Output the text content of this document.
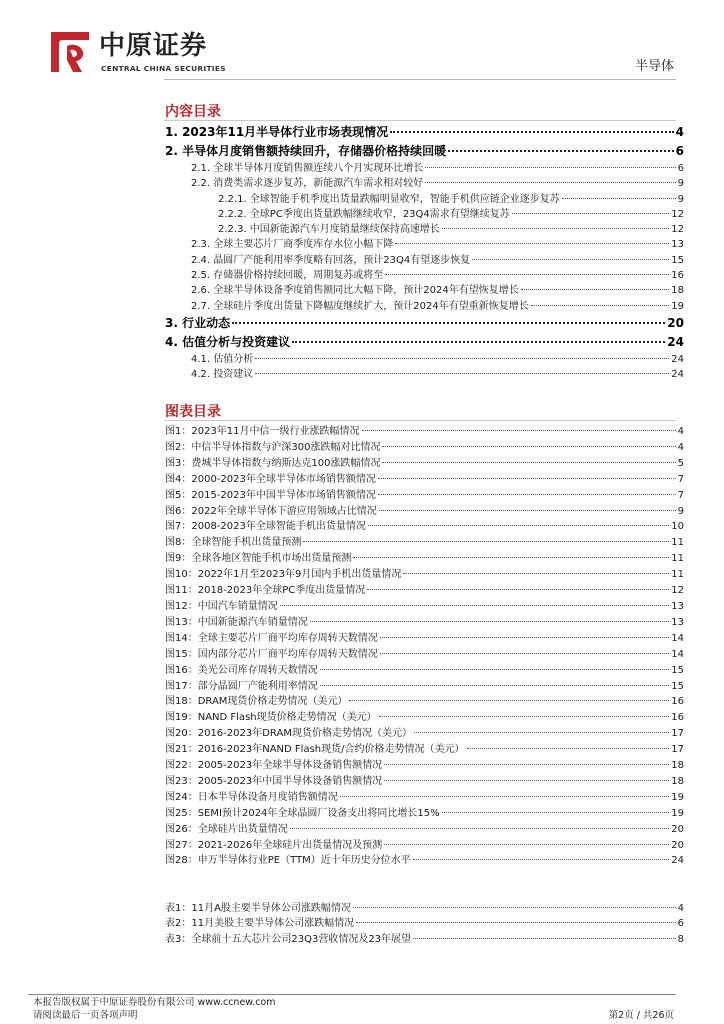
中原证券
CENTRAL CHINA SECURITIES	半导体
内容目录
1. 2023年11月半导体行业市场表现情况	4
2. 半导体月度销售额持续回升，存储器价格持续回暖	6
2.1. 全球半导体月度销售额连续八个月实现环比增长	6
2.2. 消费类需求逐步复苏，新能源汽车需求相对较好	9
2.2.1. 全球智能手机季度出货量跌幅明显收窄，智能手机供应链企业逐步复苏	9
2.2.2. 全球PC季度出货量跌幅继续收窄，23Q4需求有望继续复苏	12
2.2.3. 中国新能源汽车月度销量继续保持高速增长	12
2.3. 全球主要芯片厂商季度库存水位小幅下降	13
2.4. 晶圆厂产能利用率季度略有回落，预计23Q4有望逐步恢复	15
2.5. 存储器价格持续回暖，周期复苏或将至	16
2.6. 全球半导体设备季度销售额同比大幅下降，预计2024年有望恢复增长	18
2.7. 全球硅片季度出货量下降幅度继续扩大，预计2024年有望重新恢复增长	19
3. 行业动态	20
4. 估值分析与投资建议	24
4.1. 估值分析	24
4.2. 投资建议	24
图表目录
图1：2023年11月中信一级行业涨跌幅情况	4
图2：中信半导体指数与沪深300涨跌幅对比情况	4
图3：费城半导体指数与纳斯达克100涨跌幅情况	5
图4：2000-2023年全球半导体市场销售额情况	7
图5：2015-2023年中国半导体市场销售额情况	7
图6：2022年全球半导体下游应用领域占比情况	9
图7：2008-2023年全球智能手机出货量情况	10
图8：全球智能手机出货量预测	11
图9：全球各地区智能手机市场出货量预测	11
图10：2022年1月至2023年9月国内手机出货量情况	11
图11：2018-2023年全球PC季度出货量情况	12
图12：中国汽车销量情况	13
图13：中国新能源汽车销量情况	13
图14：全球主要芯片厂商平均库存周转天数情况	14
图15：国内部分芯片厂商平均库存周转天数情况	14
图16：美光公司库存周转天数情况	15
图17：部分晶圆厂产能利用率情况	15
图18：DRAM现货价格走势情况（美元）	16
图19：NAND Flash现货价格走势情况（美元）	16
图20：2016-2023年DRAM现货价格走势情况（美元）	17
图21：2016-2023年NAND Flash现货/合约价格走势情况（美元）	17
图22：2005-2023年全球半导体设备销售额情况	18
图23：2005-2023年中国半导体设备销售额情况	18
图24：日本半导体设备月度销售额情况	19
图25：SEMI预计2024年全球晶圆厂设备支出将同比增长15%	19
图26：全球硅片出货量情况	20
图27：2021-2026年全球硅片出货量情况及预测	20
图28：申万半导体行业PE（TTM）近十年历史分位水平	24
表1：11月A股主要半导体公司涨跌幅情况	4
表2：11月美股主要半导体公司涨跌幅情况	6
表3：全球前十五大芯片公司23Q3营收情况及23年展望	8
本报告版权属于中原证券股份有限公司 www.ccnew.com
请阅读最后一页各项声明	第2页 / 共26页
